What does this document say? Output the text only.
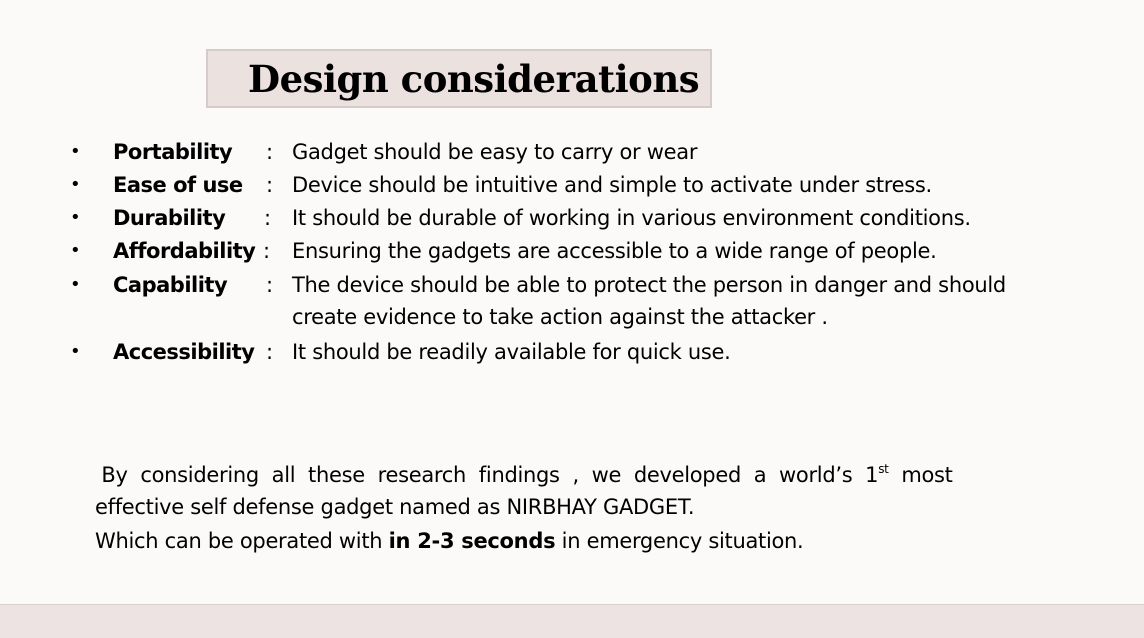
Design considerations
• Portability : Gadget should be easy to carry or wear
• Ease of use : Device should be intuitive and simple to activate under stress.
• Durability : It should be durable of working in various environment conditions.
• Affordability : Ensuring the gadgets are accessible to a wide range of people.
• Capability : The device should be able to protect the person in danger and should
create evidence to take action against the attacker .
• Accessibility : It should be readily available for quick use.
By  considering  all  these  research  findings  ,  we  developed  a  world’s  1st  most
effective self defense gadget named as NIRBHAY GADGET.
Which can be operated with in 2-3 seconds in emergency situation.
